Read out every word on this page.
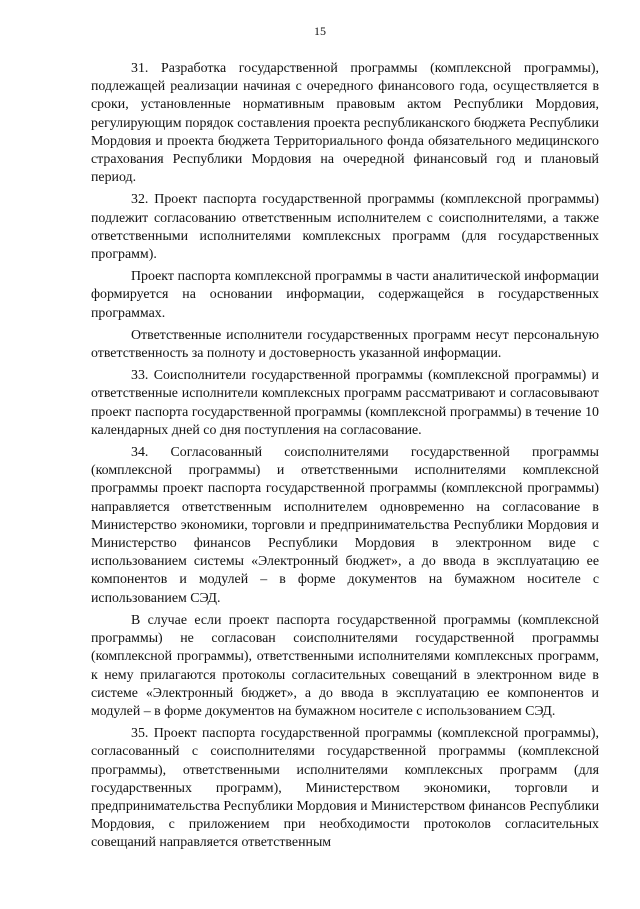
15

31. Разработка государственной программы (комплексной программы), подлежащей реализации начиная с очередного финансового года, осуществляется в сроки, установленные нормативным правовым актом Республики Мордовия, регулирующим порядок составления проекта республиканского бюджета Республики Мордовия и проекта бюджета Территориального фонда обязательного медицинского страхования Республики Мордовия на очередной финансовый год и плановый период.

32. Проект паспорта государственной программы (комплексной программы) подлежит согласованию ответственным исполнителем с соисполнителями, а также ответственными исполнителями комплексных программ (для государственных программ).

Проект паспорта комплексной программы в части аналитической информации формируется на основании информации, содержащейся в государственных программах.

Ответственные исполнители государственных программ несут персональную ответственность за полноту и достоверность указанной информации.

33. Соисполнители государственной программы (комплексной программы) и ответственные исполнители комплексных программ рассматривают и согласовывают проект паспорта государственной программы (комплексной программы) в течение 10 календарных дней со дня поступления на согласование.

34. Согласованный соисполнителями государственной программы (комплексной программы) и ответственными исполнителями комплексной программы проект паспорта государственной программы (комплексной программы) направляется ответственным исполнителем одновременно на согласование в Министерство экономики, торговли и предпринимательства Республики Мордовия и Министерство финансов Республики Мордовия в электронном виде с использованием системы «Электронный бюджет», а до ввода в эксплуатацию ее компонентов и модулей – в форме документов на бумажном носителе с использованием СЭД.

В случае если проект паспорта государственной программы (комплексной программы) не согласован соисполнителями государственной программы (комплексной программы), ответственными исполнителями комплексных программ, к нему прилагаются протоколы согласительных совещаний в электронном виде в системе «Электронный бюджет», а до ввода в эксплуатацию ее компонентов и модулей – в форме документов на бумажном носителе с использованием СЭД.

35. Проект паспорта государственной программы (комплексной программы), согласованный с соисполнителями государственной программы (комплексной программы), ответственными исполнителями комплексных программ (для государственных программ), Министерством экономики, торговли и предпринимательства Республики Мордовия и Министерством финансов Республики Мордовия, с приложением при необходимости протоколов согласительных совещаний направляется ответственным
